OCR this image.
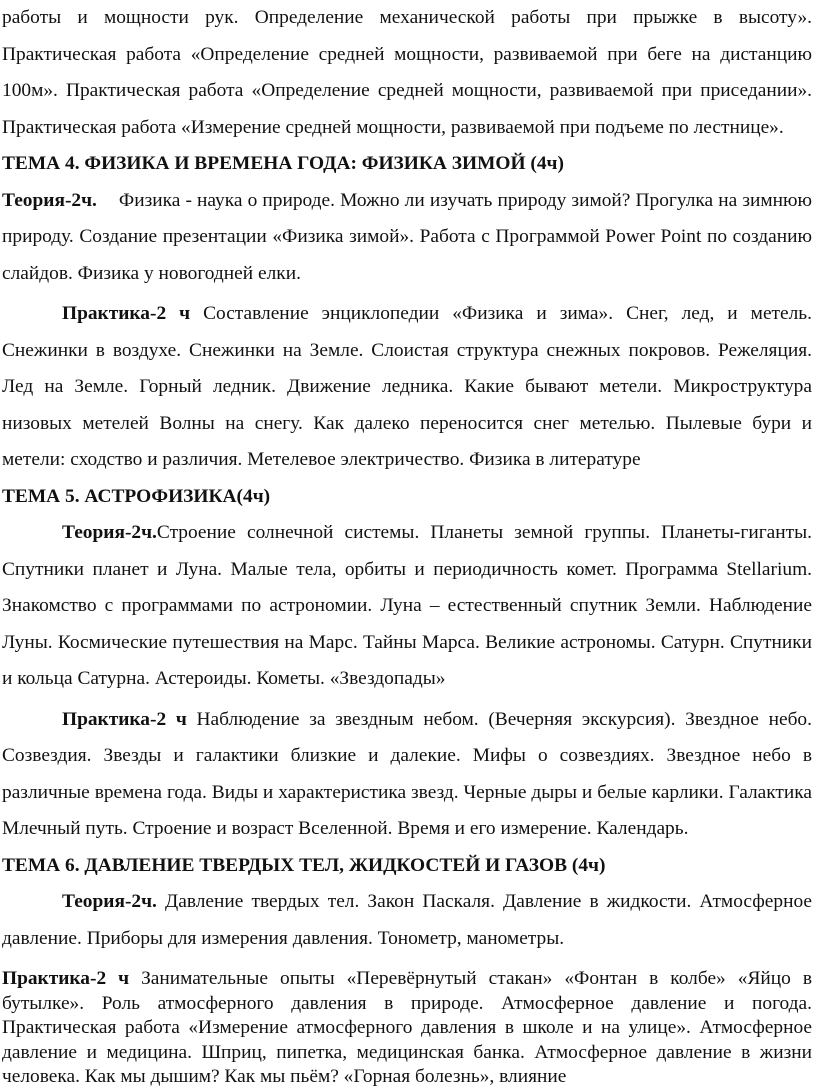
работы и мощности рук. Определение механической работы при прыжке в высоту». Практическая работа «Определение средней мощности, развиваемой при беге на дистанцию 100м». Практическая работа «Определение средней мощности, развиваемой при приседании». Практическая работа «Измерение средней мощности, развиваемой при подъеме по лестнице».

ТЕМА 4. ФИЗИКА И ВРЕМЕНА ГОДА: ФИЗИКА ЗИМОЙ (4ч)

Теория-2ч. Физика - наука о природе. Можно ли изучать природу зимой? Прогулка на зимнюю природу. Создание презентации «Физика зимой». Работа с Программой Power Point по созданию слайдов. Физика у новогодней елки.

Практика-2 ч Составление энциклопедии «Физика и зима». Снег, лед, и метель. Снежинки в воздухе. Снежинки на Земле. Слоистая структура снежных покровов. Режеляция. Лед на Земле. Горный ледник. Движение ледника. Какие бывают метели. Микроструктура низовых метелей Волны на снегу. Как далеко переносится снег метелью. Пылевые бури и метели: сходство и различия. Метелевое электричество. Физика в литературе

ТЕМА 5. АСТРОФИЗИКА(4ч)

Теория-2ч.Строение солнечной системы. Планеты земной группы. Планеты-гиганты. Спутники планет и Луна. Малые тела, орбиты и периодичность комет. Программа Stellarium. Знакомство с программами по астрономии. Луна – естественный спутник Земли. Наблюдение Луны. Космические путешествия на Марс. Тайны Марса. Великие астрономы. Сатурн. Спутники и кольца Сатурна. Астероиды. Кометы. «Звездопады»

Практика-2 ч Наблюдение за звездным небом. (Вечерняя экскурсия). Звездное небо. Созвездия. Звезды и галактики близкие и далекие. Мифы о созвездиях. Звездное небо в различные времена года. Виды и характеристика звезд. Черные дыры и белые карлики. Галактика Млечный путь. Строение и возраст Вселенной. Время и его измерение. Календарь.

ТЕМА 6. ДАВЛЕНИЕ ТВЕРДЫХ ТЕЛ, ЖИДКОСТЕЙ И ГАЗОВ (4ч)

Теория-2ч. Давление твердых тел. Закон Паскаля. Давление в жидкости. Атмосферное давление. Приборы для измерения давления. Тонометр, манометры.

Практика-2 ч Занимательные опыты «Перевёрнутый стакан» «Фонтан в колбе» «Яйцо в бутылке». Роль атмосферного давления в природе. Атмосферное давление и погода. Практическая работа «Измерение атмосферного давления в школе и на улице». Атмосферное давление и медицина. Шприц, пипетка, медицинская банка. Атмосферное давление в жизни человека. Как мы дышим? Как мы пьём? «Горная болезнь», влияние
